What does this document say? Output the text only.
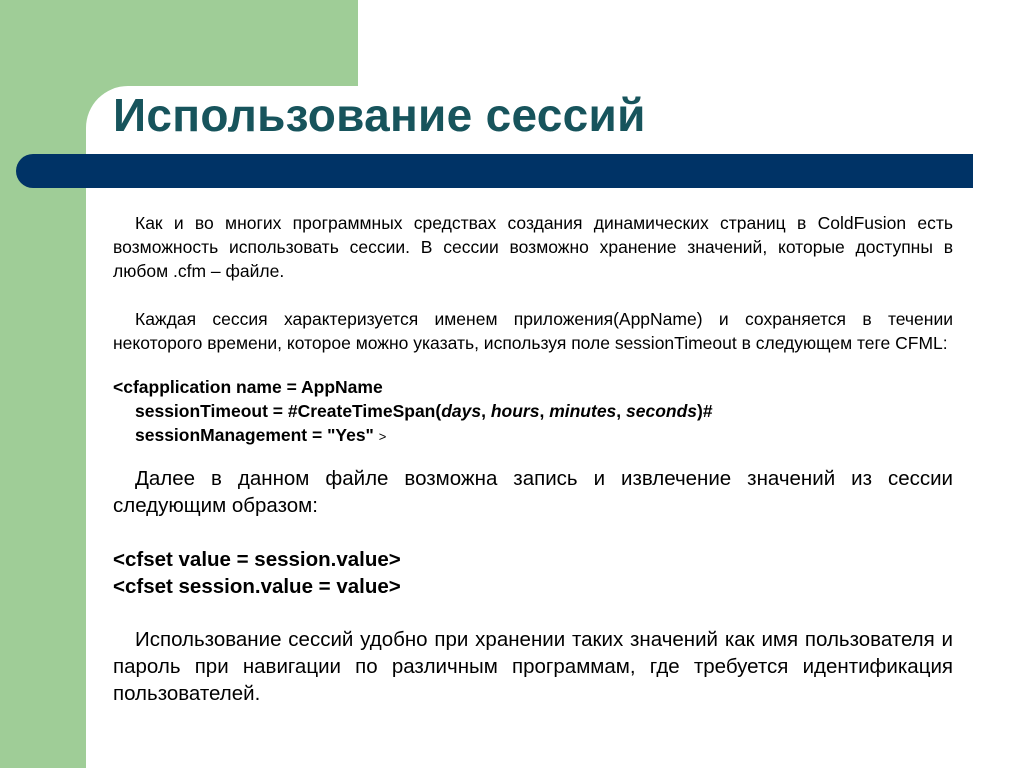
Использование сессий

Как и во многих программных средствах создания динамических страниц в ColdFusion есть возможность использовать сессии. В сессии возможно хранение значений, которые доступны в любом .cfm – файле.

Каждая сессия характеризуется именем приложения(AppName) и сохраняется в течении некоторого времени, которое можно указать, используя поле sessionTimeout в следующем теге CFML:

<cfapplication name = AppName
sessionTimeout = #CreateTimeSpan(days, hours, minutes, seconds)#
sessionManagement = "Yes" >

Далее в данном файле возможна запись и извлечение значений из сессии следующим образом:

<cfset value = session.value>
<cfset session.value = value>

Использование сессий удобно при хранении таких значений как имя пользователя и пароль при навигации по различным программам, где требуется идентификация пользователей.
